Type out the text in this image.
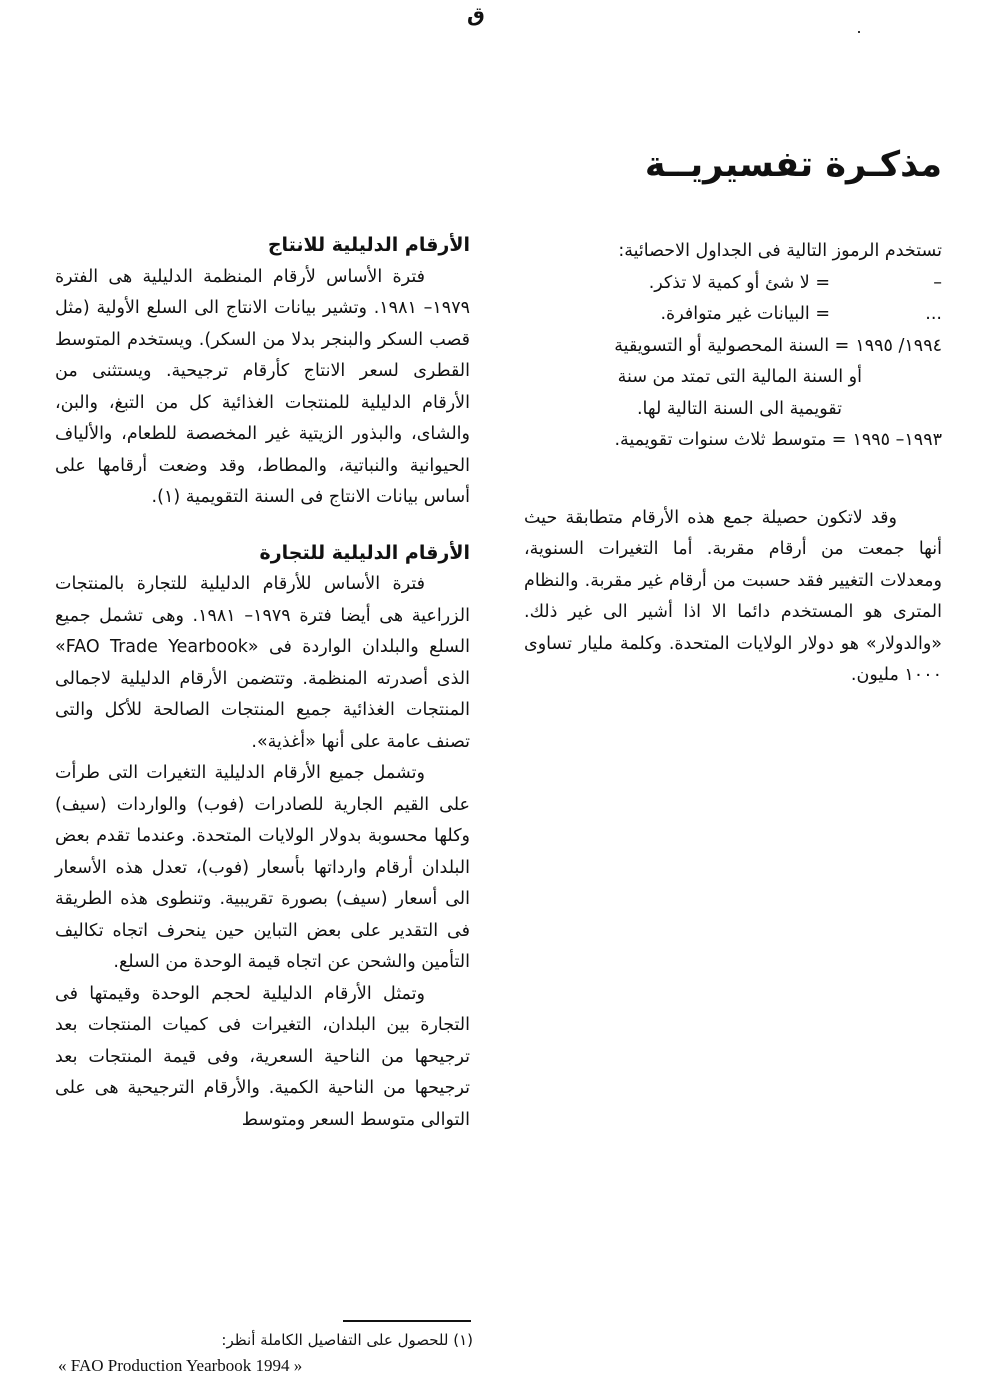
ق
مذكـرة تفسيريــة
تستخدم الرموز التالية فى الجداول الاحصائية:
–
= لا شئ أو كمية لا تذكر.
...
= البيانات غير متوافرة.
١٩٩٤/ ١٩٩٥
= السنة المحصولية أو التسويقية
أو السنة المالية التى تمتد من سنة
تقويمية الى السنة التالية لها.
١٩٩٣– ١٩٩٥
= متوسط ثلاث سنوات تقويمية.

وقد لاتكون حصيلة جمع هذه الأرقام متطابقة حيث أنها جمعت من أرقام مقربة. أما التغيرات السنوية، ومعدلات التغيير فقد حسبت من أرقام غير مقربة. والنظام المترى هو المستخدم دائما الا اذا أشير الى غير ذلك. «والدولار» هو دولار الولايات المتحدة. وكلمة مليار تساوى ١٠٠٠ مليون.

الأرقام الدليلية للانتاج

فترة الأساس لأرقام المنظمة الدليلية هى الفترة ١٩٧٩– ١٩٨١. وتشير بيانات الانتاج الى السلع الأولية (مثل قصب السكر والبنجر بدلا من السكر). ويستخدم المتوسط القطرى لسعر الانتاج كأرقام ترجيحية. ويستثنى من الأرقام الدليلية للمنتجات الغذائية كل من التبغ، والبن، والشاى، والبذور الزيتية غير المخصصة للطعام، والألياف الحيوانية والنباتية، والمطاط، وقد وضعت أرقامها على أساس بيانات الانتاج فى السنة التقويمية (١).

الأرقام الدليلية للتجارة

فترة الأساس للأرقام الدليلية للتجارة بالمنتجات الزراعية هى أيضا فترة ١٩٧٩– ١٩٨١. وهى تشمل جميع السلع والبلدان الواردة فى «FAO Trade Yearbook» الذى أصدرته المنظمة. وتتضمن الأرقام الدليلية لاجمالى المنتجات الغذائية جميع المنتجات الصالحة للأكل والتى تصنف عامة على أنها «أغذية».

وتشمل جميع الأرقام الدليلية التغيرات التى طرأت على القيم الجارية للصادرات (فوب) والواردات (سيف) وكلها محسوبة بدولار الولايات المتحدة. وعندما تقدم بعض البلدان أرقام وارداتها بأسعار (فوب)، تعدل هذه الأسعار الى أسعار (سيف) بصورة تقريبية. وتنطوى هذه الطريقة فى التقدير على بعض التباين حين ينحرف اتجاه تكاليف التأمين والشحن عن اتجاه قيمة الوحدة من السلع.

وتمثل الأرقام الدليلية لحجم الوحدة وقيمتها فى التجارة بين البلدان، التغيرات فى كميات المنتجات بعد ترجيحها من الناحية السعرية، وفى قيمة المنتجات بعد ترجيحها من الناحية الكمية. والأرقام الترجيحية هى على التوالى متوسط السعر ومتوسط

(١) للحصول على التفاصيل الكاملة أنظر:
« FAO Production Yearbook 1994 »
